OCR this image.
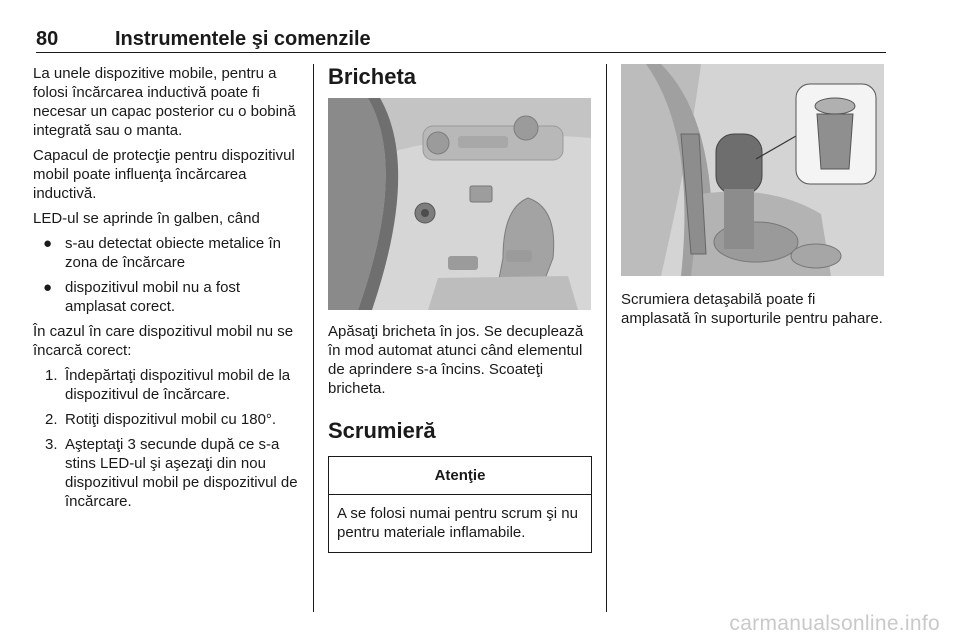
80	Instrumentele şi comenzile

La unele dispozitive mobile, pentru a folosi încărcarea inductivă poate fi necesar un capac posterior cu o bobină integrată sau o manta.

Capacul de protecţie pentru dispozitivul mobil poate influenţa încărcarea inductivă.

LED-ul se aprinde în galben, când

● s-au detectat obiecte metalice în zona de încărcare
● dispozitivul mobil nu a fost amplasat corect.

În cazul în care dispozitivul mobil nu se încarcă corect:

1. Îndepărtaţi dispozitivul mobil de la dispozitivul de încărcare.
2. Rotiţi dispozitivul mobil cu 180°.
3. Aşteptaţi 3 secunde după ce s-a stins LED-ul şi aşezaţi din nou dispozitivul mobil pe dispozitivul de încărcare.
Bricheta

Apăsaţi bricheta în jos. Se decuplează în mod automat atunci când elementul de aprindere s-a încins. Scoateţi bricheta.

Scrumieră
Atenţie
A se folosi numai pentru scrum şi nu pentru materiale inflamabile.

Scrumiera detaşabilă poate fi amplasată în suporturile pentru pahare.

carmanualsonline.info
